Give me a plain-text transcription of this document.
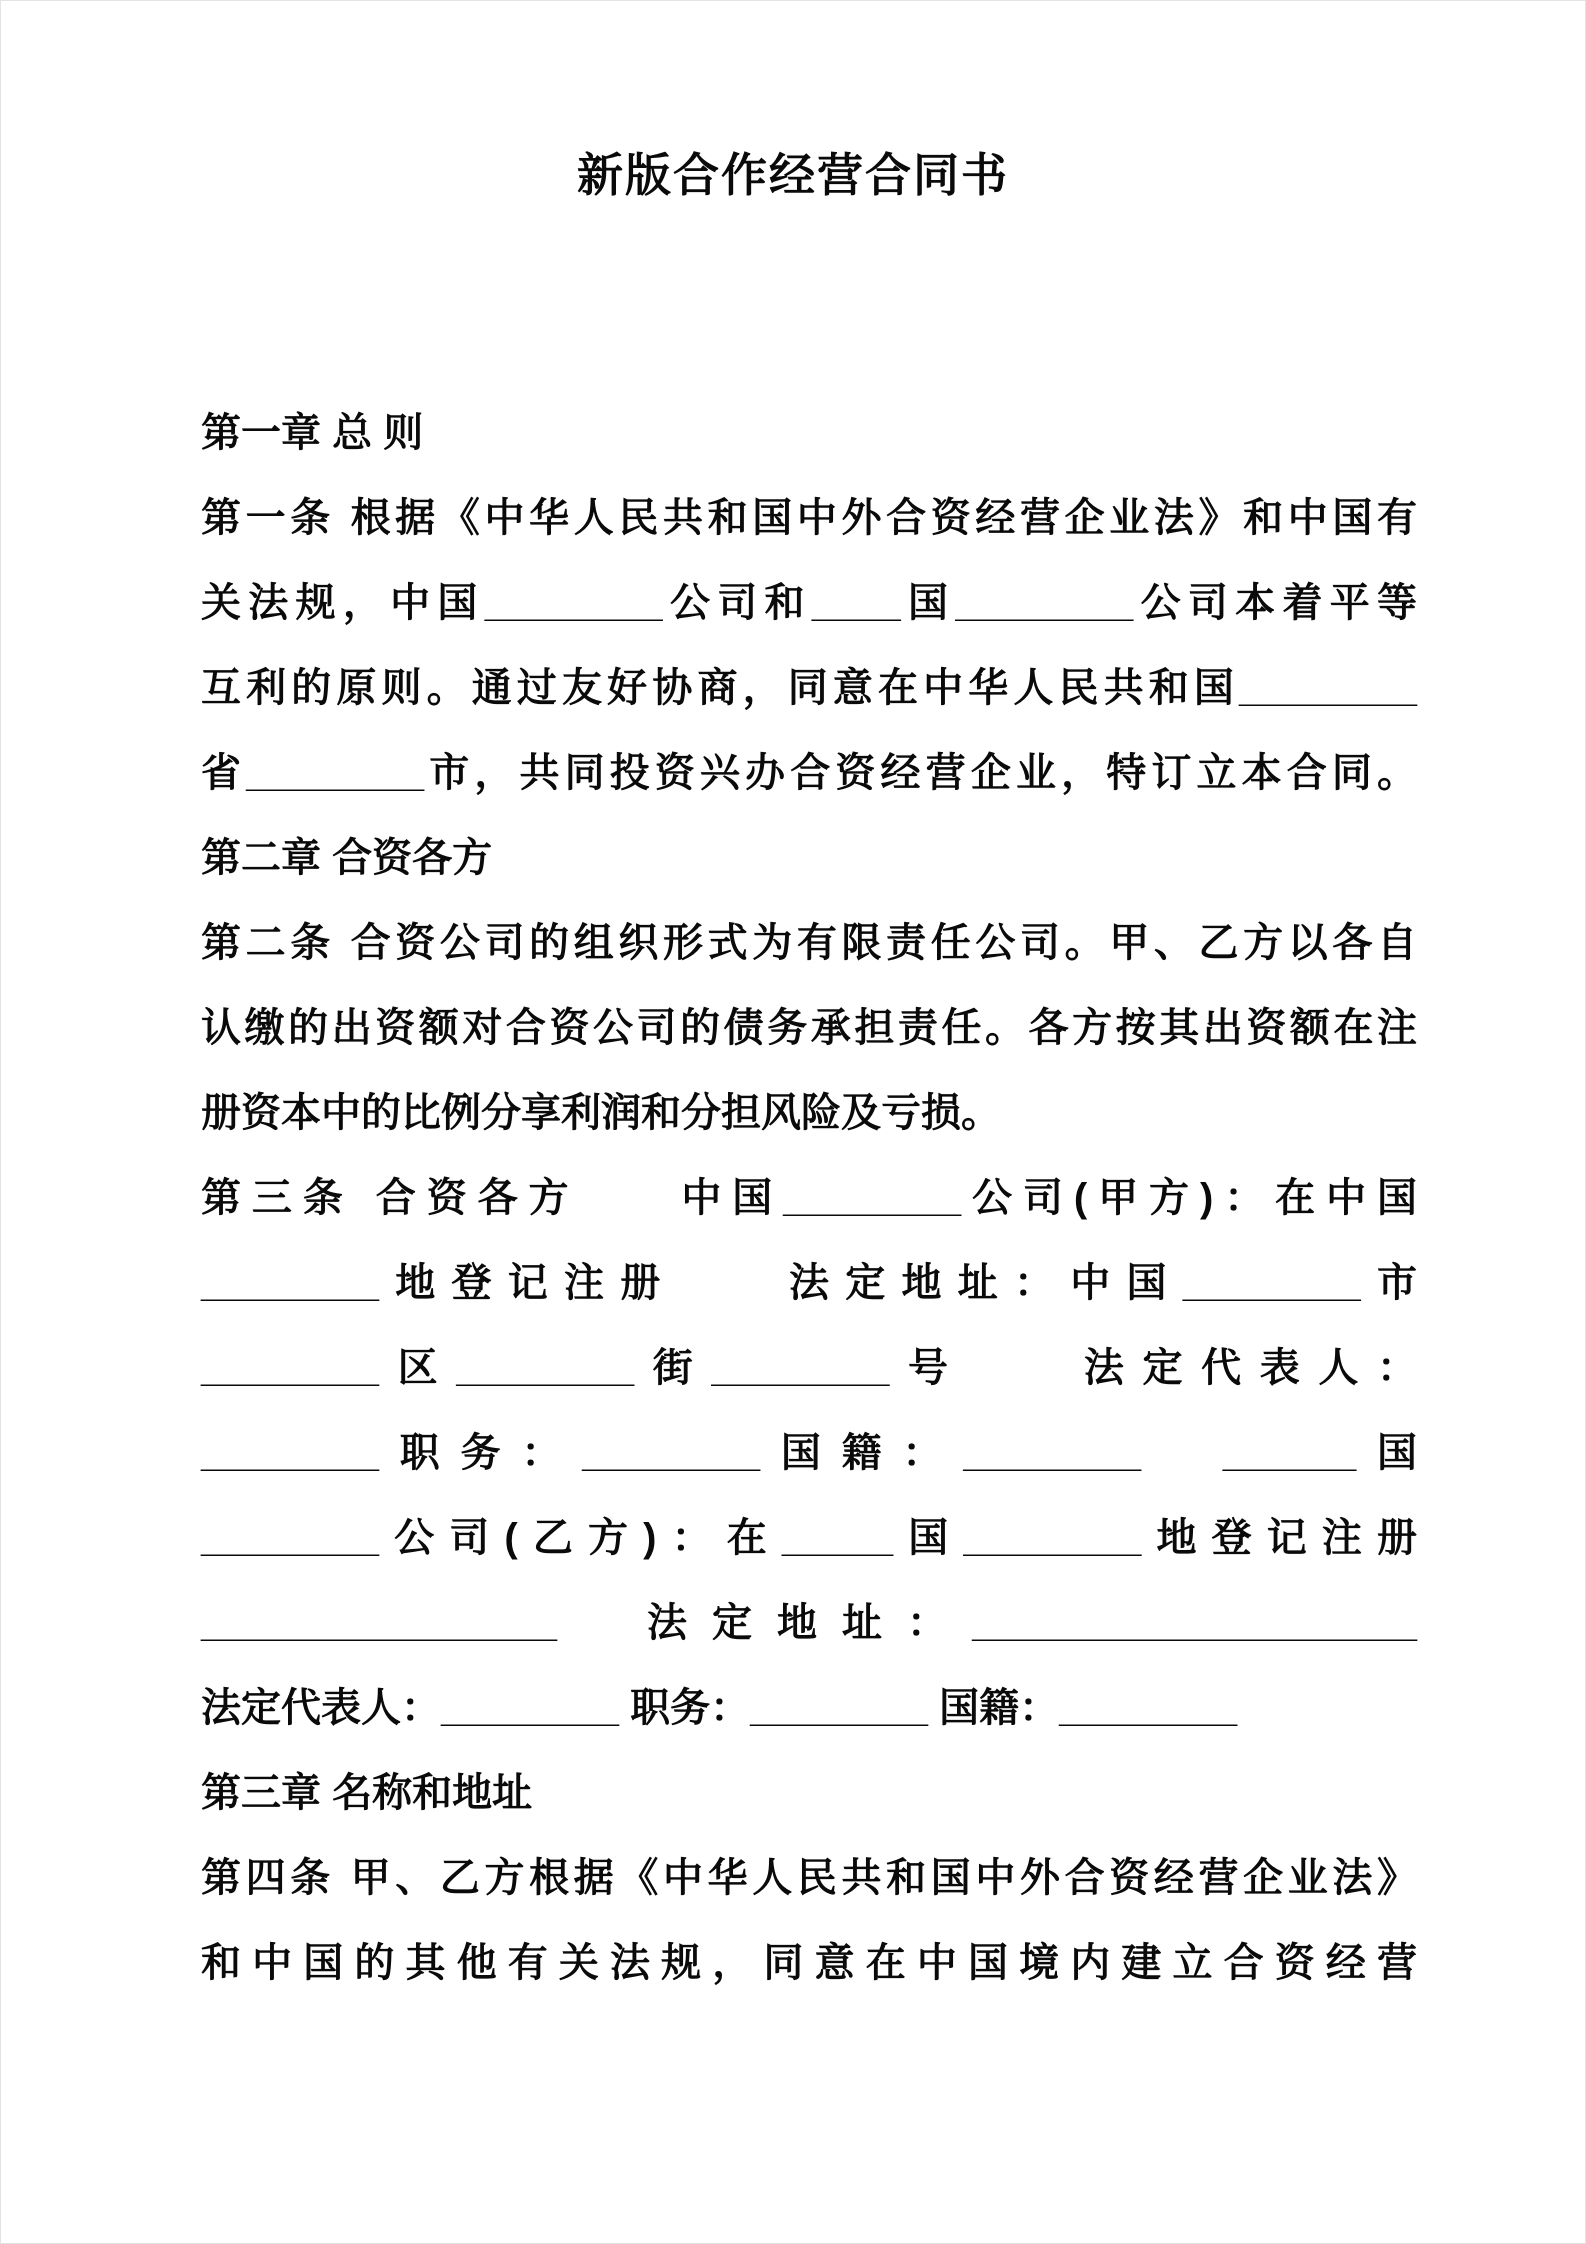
新版合作经营合同书
第一章 总 则
第一条 根据《中华人民共和国中外合资经营企业法》和中国有
关法规，中国________公司和____国________公司本着平等
互利的原则。通过友好协商，同意在中华人民共和国________
省________市，共同投资兴办合资经营企业，特订立本合同。
第二章 合资各方
第二条 合资公司的组织形式为有限责任公司。甲、乙方以各自
认缴的出资额对合资公司的债务承担责任。各方按其出资额在注
册资本中的比例分享利润和分担风险及亏损。
第三条 合资各方　　中国________公司(甲方)：在中国
________地登记注册　　法定地址：中国________市
________区________街________号　　法定代表人：
________职务：________国籍：________　______国
________公司(乙方)：在_____国________地登记注册
________________　法定地址：____________________
法定代表人：________ 职务：________ 国籍：________
第三章 名称和地址
第四条 甲、乙方根据《中华人民共和国中外合资经营企业法》
和中国的其他有关法规，同意在中国境内建立合资经营
